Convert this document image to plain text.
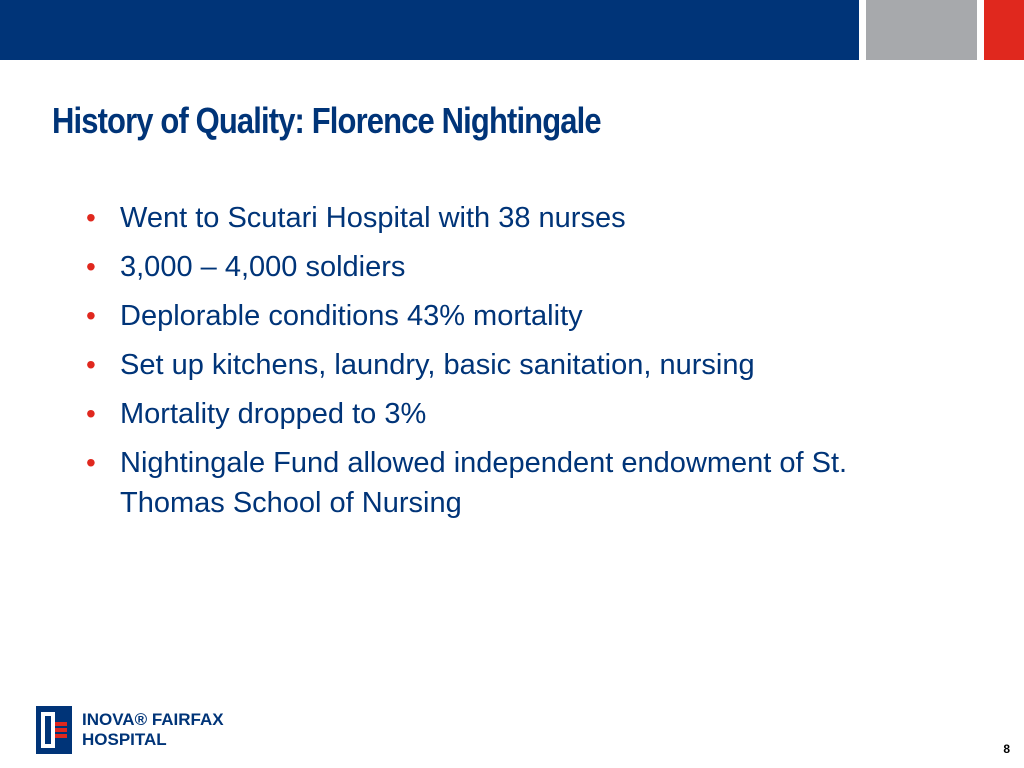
History of Quality: Florence Nightingale
• Went to Scutari Hospital with 38 nurses
• 3,000 – 4,000 soldiers
• Deplorable conditions 43% mortality
• Set up kitchens, laundry, basic sanitation, nursing
• Mortality dropped to 3%
• Nightingale Fund allowed independent endowment of St. Thomas School of Nursing
INOVA® FAIRFAX
HOSPITAL	8
